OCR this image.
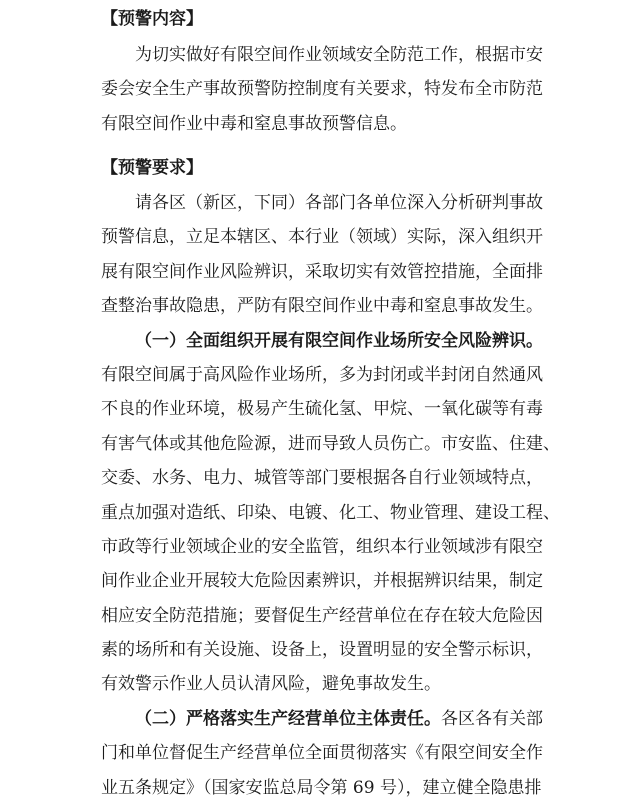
【预警内容】
为切实做好有限空间作业领域安全防范工作，根据市安
委会安全生产事故预警防控制度有关要求，特发布全市防范
有限空间作业中毒和窒息事故预警信息。
【预警要求】
请各区（新区，下同）各部门各单位深入分析研判事故
预警信息，立足本辖区、本行业（领域）实际，深入组织开
展有限空间作业风险辨识，采取切实有效管控措施，全面排
查整治事故隐患，严防有限空间作业中毒和窒息事故发生。
（一）全面组织开展有限空间作业场所安全风险辨识。
有限空间属于高风险作业场所，多为封闭或半封闭自然通风
不良的作业环境，极易产生硫化氢、甲烷、一氧化碳等有毒
有害气体或其他危险源，进而导致人员伤亡。市安监、住建、
交委、水务、电力、城管等部门要根据各自行业领域特点，
重点加强对造纸、印染、电镀、化工、物业管理、建设工程、
市政等行业领域企业的安全监管，组织本行业领域涉有限空
间作业企业开展较大危险因素辨识，并根据辨识结果，制定
相应安全防范措施；要督促生产经营单位在存在较大危险因
素的场所和有关设施、设备上，设置明显的安全警示标识，
有效警示作业人员认清风险，避免事故发生。
（二）严格落实生产经营单位主体责任。各区各有关部
门和单位督促生产经营单位全面贯彻落实《有限空间安全作
业五条规定》（国家安监总局令第 69 号），建立健全隐患排
